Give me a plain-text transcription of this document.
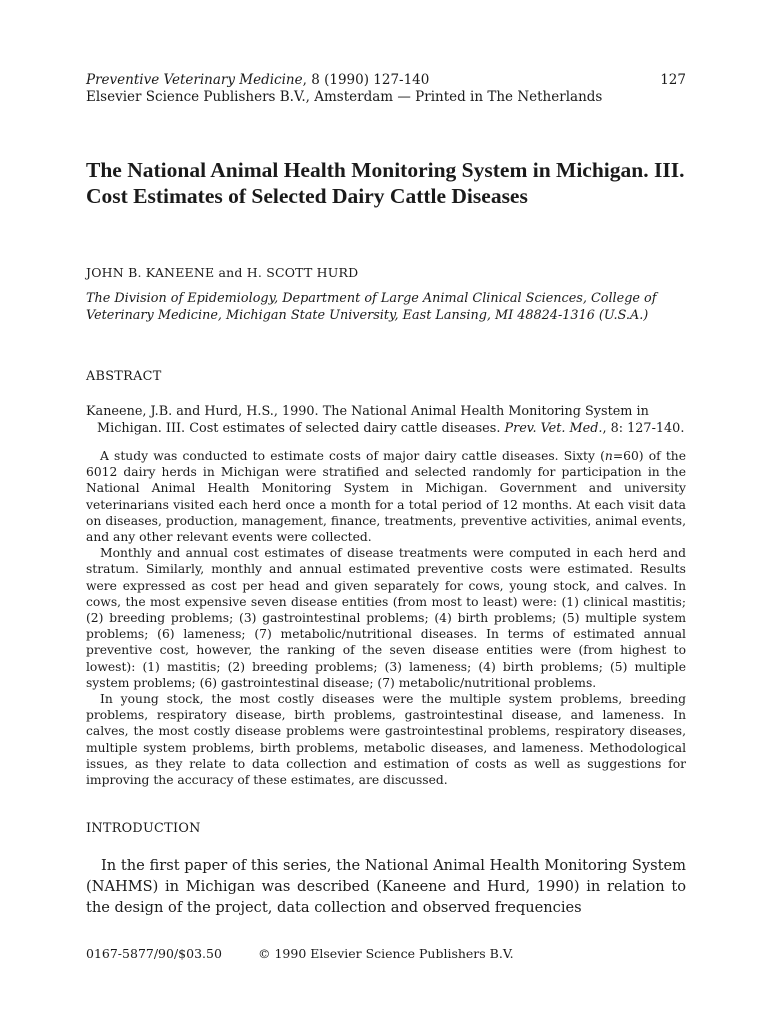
Preventive Veterinary Medicine, 8 (1990) 127-140
Elsevier Science Publishers B.V., Amsterdam — Printed in The Netherlands
127
The National Animal Health Monitoring System in Michigan. III. Cost Estimates of Selected Dairy Cattle Diseases
JOHN B. KANEENE and H. SCOTT HURD
The Division of Epidemiology, Department of Large Animal Clinical Sciences, College of Veterinary Medicine, Michigan State University, East Lansing, MI 48824-1316 (U.S.A.)
ABSTRACT
Kaneene, J.B. and Hurd, H.S., 1990. The National Animal Health Monitoring System in Michigan. III. Cost estimates of selected dairy cattle diseases. Prev. Vet. Med., 8: 127-140.

A study was conducted to estimate costs of major dairy cattle diseases. Sixty (n=60) of the 6012 dairy herds in Michigan were stratified and selected randomly for participation in the National Animal Health Monitoring System in Michigan. Government and university veterinarians visited each herd once a month for a total period of 12 months. At each visit data on diseases, production, management, finance, treatments, preventive activities, animal events, and any other relevant events were collected.

Monthly and annual cost estimates of disease treatments were computed in each herd and stratum. Similarly, monthly and annual estimated preventive costs were estimated. Results were expressed as cost per head and given separately for cows, young stock, and calves. In cows, the most expensive seven disease entities (from most to least) were: (1) clinical mastitis; (2) breeding problems; (3) gastrointestinal problems; (4) birth problems; (5) multiple system problems; (6) lameness; (7) metabolic/nutritional diseases. In terms of estimated annual preventive cost, however, the ranking of the seven disease entities were (from highest to lowest): (1) mastitis; (2) breeding problems; (3) lameness; (4) birth problems; (5) multiple system problems; (6) gastrointestinal disease; (7) metabolic/nutritional problems.

In young stock, the most costly diseases were the multiple system problems, breeding problems, respiratory disease, birth problems, gastrointestinal disease, and lameness. In calves, the most costly disease problems were gastrointestinal problems, respiratory diseases, multiple system problems, birth problems, metabolic diseases, and lameness. Methodological issues, as they relate to data collection and estimation of costs as well as suggestions for improving the accuracy of these estimates, are discussed.

INTRODUCTION
In the first paper of this series, the National Animal Health Monitoring System (NAHMS) in Michigan was described (Kaneene and Hurd, 1990) in relation to the design of the project, data collection and observed frequencies
0167-5877/90/$03.50	© 1990 Elsevier Science Publishers B.V.
